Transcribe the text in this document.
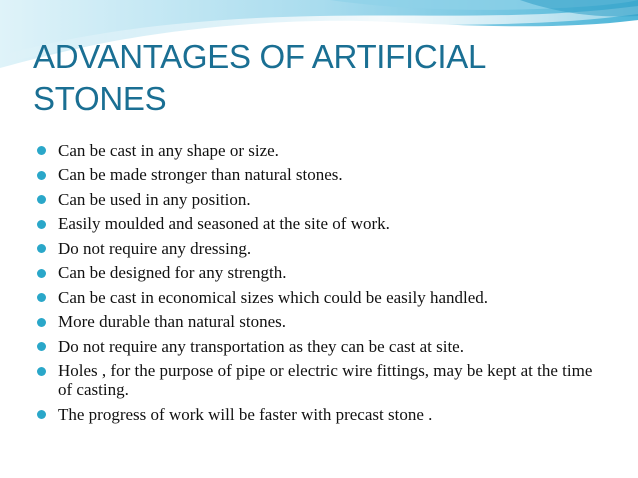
ADVANTAGES OF ARTIFICIAL
STONES
Can be cast in any shape or size.
Can be made stronger than natural stones.
Can be used in any position.
Easily moulded and seasoned at the site of work.
Do not require any dressing.
Can be designed for any strength.
Can be cast in economical sizes which could be easily handled.
More durable than natural stones.
Do not require any transportation as they can be cast at site.
Holes , for the purpose of pipe or electric wire fittings, may be kept at the time of casting.
The progress of work will be faster with precast stone .
